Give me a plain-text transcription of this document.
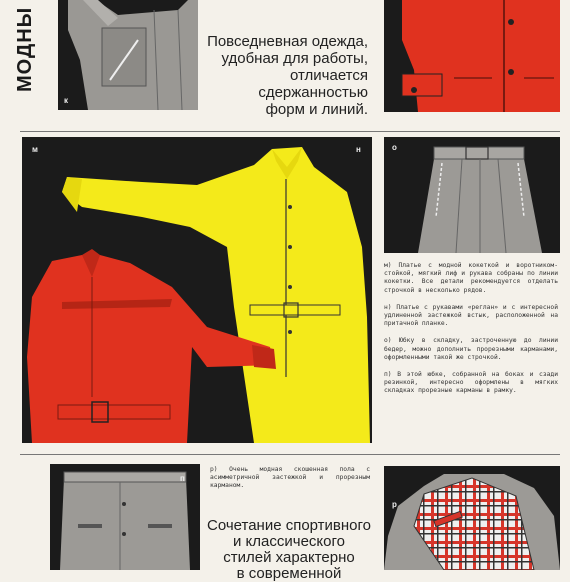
МОДНЫ
к
Повседневная одежда,
удобная для работы,
отличается
сдержанностью
форм и линий.
м	н	о

м) Платье с модной кокеткой и воротником-стойкой, мягкий лиф и рукава собраны по линии кокетки. Все детали рекомендуется отделать строчкой в несколько рядов.

н) Платье с рукавами «реглан» и с интересной удлиненной застежкой встык, расположенной на притачной планке.

о) Юбку в складку, застроченную до линии бедер, можно дополнить прорезными карманами, оформленными такой же строчкой.

п) В этой юбке, собранной на боках и сзади резинкой, интересно оформлены в мягких складках прорезные карманы в рамку.

п

р) Очень модная скошенная пола с асимметричной застежкой и прорезным карманом.

Сочетание спортивного
и классического
стилей характерно
в современной
р
